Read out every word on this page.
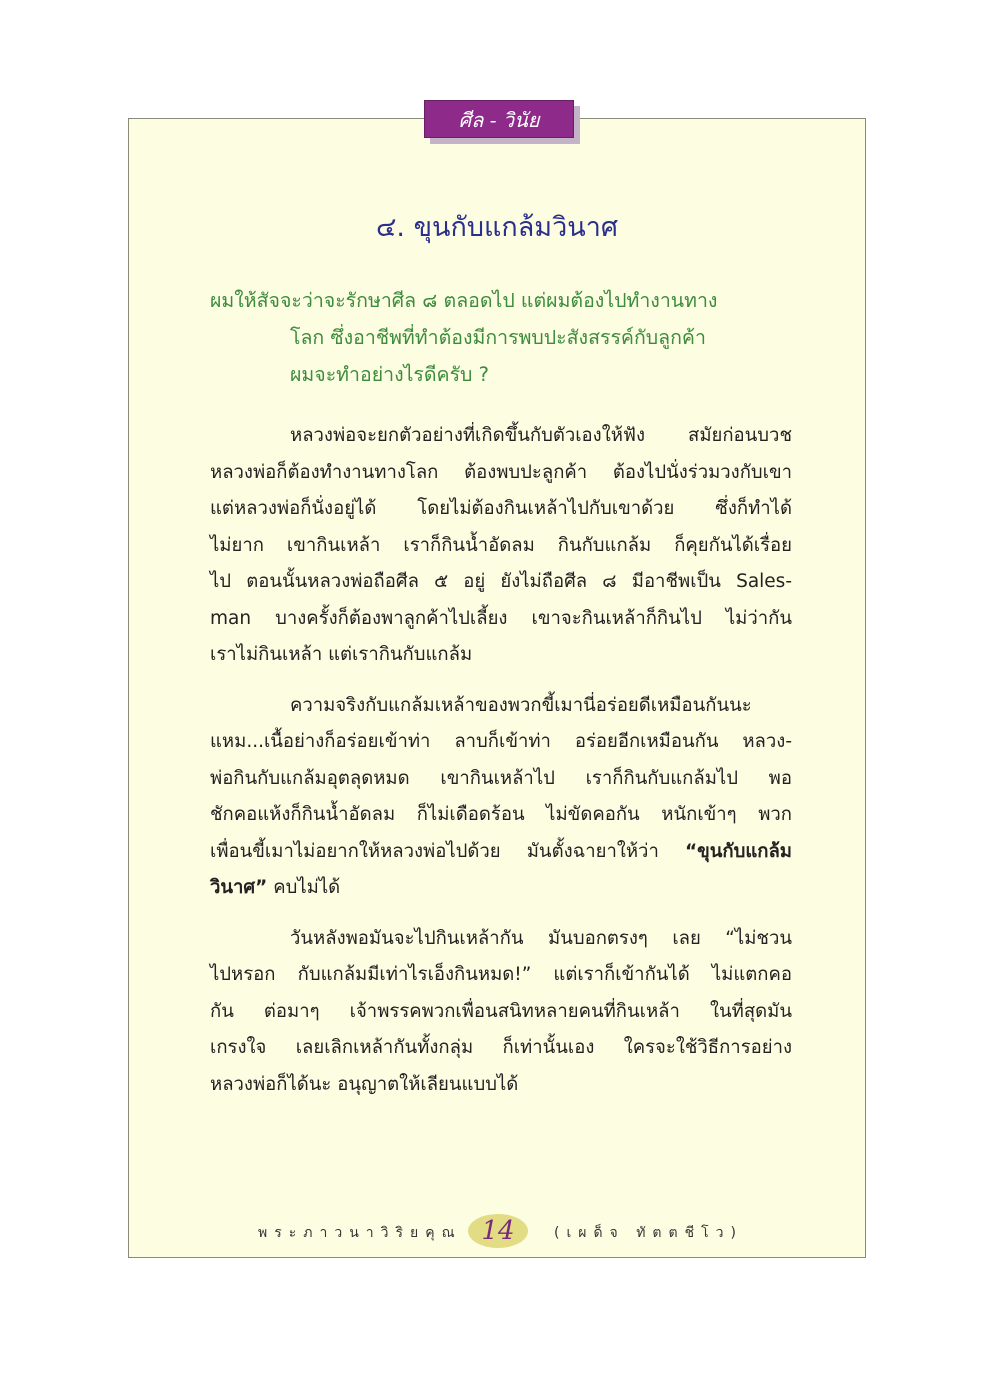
ศีล - วินัย
๔. ขุนกับแกล้มวินาศ
ผมให้สัจจะว่าจะรักษาศีล ๘ ตลอดไป แต่ผมต้องไปทำงานทาง
โลก ซึ่งอาชีพที่ทำต้องมีการพบปะสังสรรค์กับลูกค้า
ผมจะทำอย่างไรดีครับ ?
หลวงพ่อจะยกตัวอย่างที่เกิดขึ้นกับตัวเองให้ฟัง สมัยก่อนบวช
หลวงพ่อก็ต้องทำงานทางโลก ต้องพบปะลูกค้า ต้องไปนั่งร่วมวงกับเขา
แต่หลวงพ่อก็นั่งอยู่ได้ โดยไม่ต้องกินเหล้าไปกับเขาด้วย ซึ่งก็ทำได้
ไม่ยาก เขากินเหล้า เราก็กินน้ำอัดลม กินกับแกล้ม ก็คุยกันได้เรื่อย
ไป ตอนนั้นหลวงพ่อถือศีล ๕ อยู่ ยังไม่ถือศีล ๘ มีอาชีพเป็น Sales-
man บางครั้งก็ต้องพาลูกค้าไปเลี้ยง เขาจะกินเหล้าก็กินไป ไม่ว่ากัน
เราไม่กินเหล้า แต่เรากินกับแกล้ม
ความจริงกับแกล้มเหล้าของพวกขี้เมานี่อร่อยดีเหมือนกันนะ
แหม...เนื้อย่างก็อร่อยเข้าท่า ลาบก็เข้าท่า อร่อยอีกเหมือนกัน หลวง-
พ่อกินกับแกล้มอุตลุดหมด เขากินเหล้าไป เราก็กินกับแกล้มไป พอ
ชักคอแห้งก็กินน้ำอัดลม ก็ไม่เดือดร้อน ไม่ขัดคอกัน หนักเข้าๆ พวก
เพื่อนขี้เมาไม่อยากให้หลวงพ่อไปด้วย มันตั้งฉายาให้ว่า “ขุนกับแกล้ม
วินาศ” คบไม่ได้
วันหลังพอมันจะไปกินเหล้ากัน มันบอกตรงๆ เลย “ไม่ชวน
ไปหรอก กับแกล้มมีเท่าไรเอ็งกินหมด!” แต่เราก็เข้ากันได้ ไม่แตกคอ
กัน ต่อมาๆ เจ้าพรรคพวกเพื่อนสนิทหลายคนที่กินเหล้า ในที่สุดมัน
เกรงใจ เลยเลิกเหล้ากันทั้งกลุ่ม ก็เท่านั้นเอง ใครจะใช้วิธีการอย่าง
หลวงพ่อก็ได้นะ อนุญาตให้เลียนแบบได้
พระภาวนาวิริยคุณ 14	(เผด็จ ทัตตชีโว)
